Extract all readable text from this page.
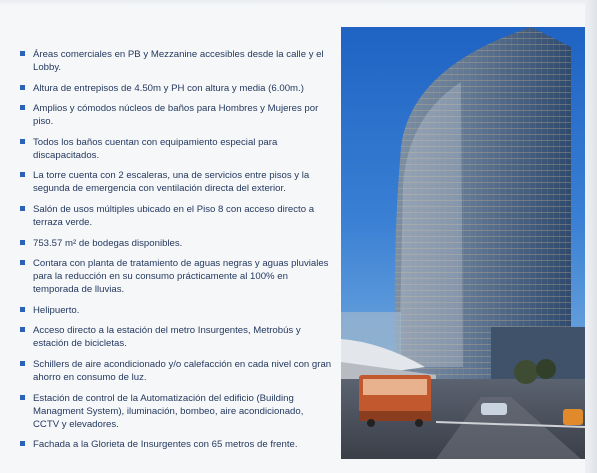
Áreas comerciales en PB y Mezzanine accesibles desde la calle y el Lobby.
Altura de entrepisos de 4.50m y PH con altura y media (6.00m.)
Amplios y cómodos núcleos de baños para Hombres y Mujeres por piso.
Todos los baños cuentan con equipamiento especial para discapacitados.
La torre cuenta con 2 escaleras, una de servicios entre pisos y la segunda de emergencia con ventilación directa del exterior.
Salón de usos múltiples ubicado en el Piso 8 con acceso directo a terraza verde.
753.57 m² de bodegas disponibles.
Contara con planta de tratamiento de aguas negras y aguas pluviales para la reducción en su consumo prácticamente al 100% en temporada de lluvias.
Helipuerto.
Acceso directo a la estación del metro Insurgentes, Metrobús y estación de bicicletas.
Schillers de aire acondicionado y/o calefacción en cada nivel con gran ahorro en consumo de luz.
Estación de control de la Automatización del edificio (Building Managment System), iluminación, bombeo, aire acondicionado, CCTV y elevadores.
Fachada a la Glorieta de Insurgentes con 65 metros de frente.
